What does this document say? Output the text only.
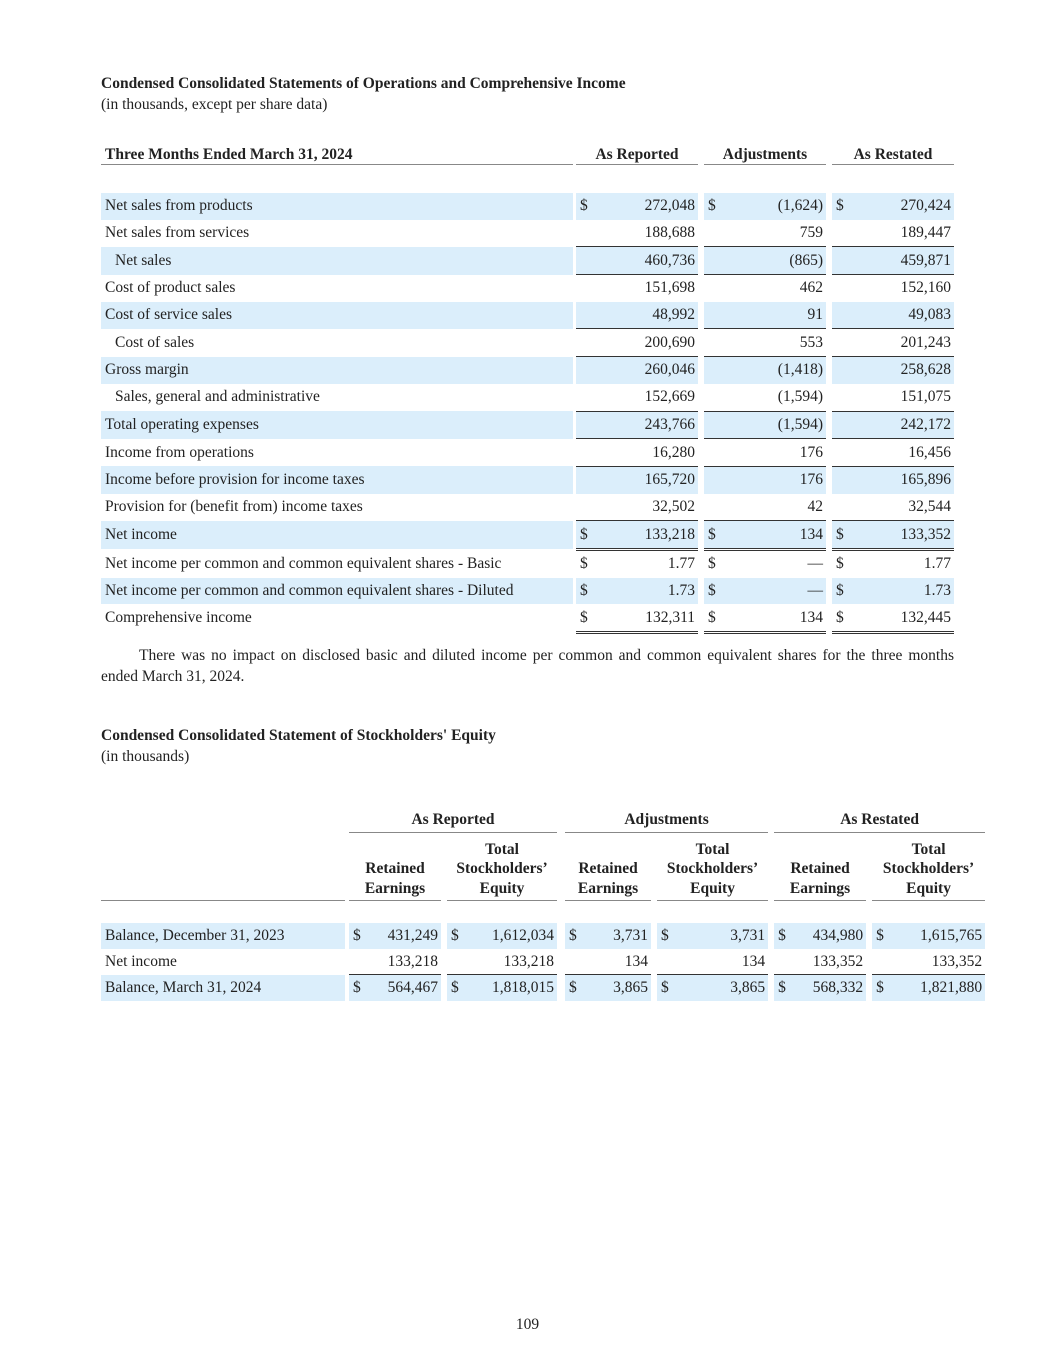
Condensed Consolidated Statements of Operations and Comprehensive Income
(in thousands, except per share data)
Three Months Ended March 31, 2024		As Reported			Adjustments			As Restated	

Net sales from products		$	272,048		$	(1,624)		$	270,424
Net sales from services			188,688			759			189,447
Net sales			460,736			(865)			459,871
Cost of product sales			151,698			462			152,160
Cost of service sales			48,992			91			49,083
Cost of sales			200,690			553			201,243
Gross margin			260,046			(1,418)			258,628
Sales, general and administrative			152,669			(1,594)			151,075
Total operating expenses			243,766			(1,594)			242,172
Income from operations			16,280			176			16,456
Income before provision for income taxes			165,720			176			165,896
Provision for (benefit from) income taxes			32,502			42			32,544
Net income		$	133,218		$	134		$	133,352
Net income per common and common equivalent shares - Basic		$	1.77		$	—		$	1.77
Net income per common and common equivalent shares - Diluted		$	1.73		$	—		$	1.73
Comprehensive income		$	132,311		$	134		$	132,445
There was no impact on disclosed basic and diluted income per common and common equivalent shares for the three months ended March 31, 2024.
Condensed Consolidated Statement of Stockholders' Equity
(in thousands)
		As Reported				Adjustments				As Restated		
		Retained Earnings		Total Stockholders’ Equity		Retained Earnings		Total Stockholders’ Equity		Retained Earnings		Total Stockholders’ Equity

Balance, December 31, 2023		$ 431,249		$ 1,612,034		$ 3,731		$ 3,731		$ 434,980		$ 1,615,765
Net income		133,218		133,218		134		134		133,352		133,352
Balance, March 31, 2024		$ 564,467		$ 1,818,015		$ 3,865		$ 3,865		$ 568,332		$ 1,821,880
109
